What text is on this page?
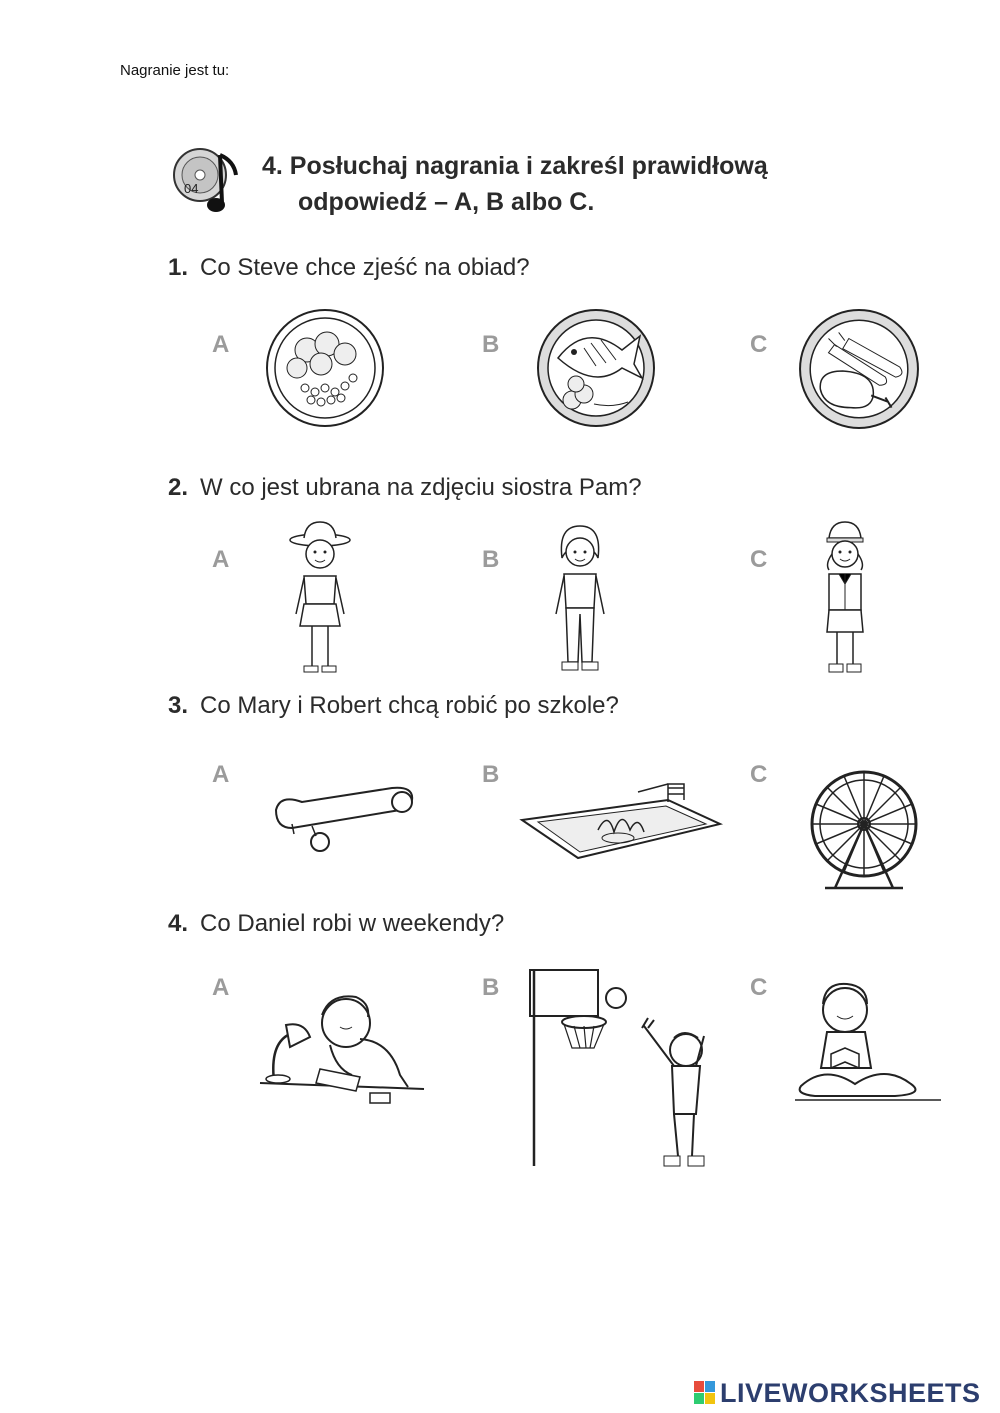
Nagranie jest tu:
04
4. Posłuchaj nagrania i zakreśl prawidłową
odpowiedź – A, B albo C.
1. Co Steve chce zjeść na obiad?
A	B	C
2. W co jest ubrana na zdjęciu siostra Pam?
A	B	C
3. Co Mary i Robert chcą robić po szkole?
A	B	C
4. Co Daniel robi w weekendy?
A	B	C
LIVEWORKSHEETS
